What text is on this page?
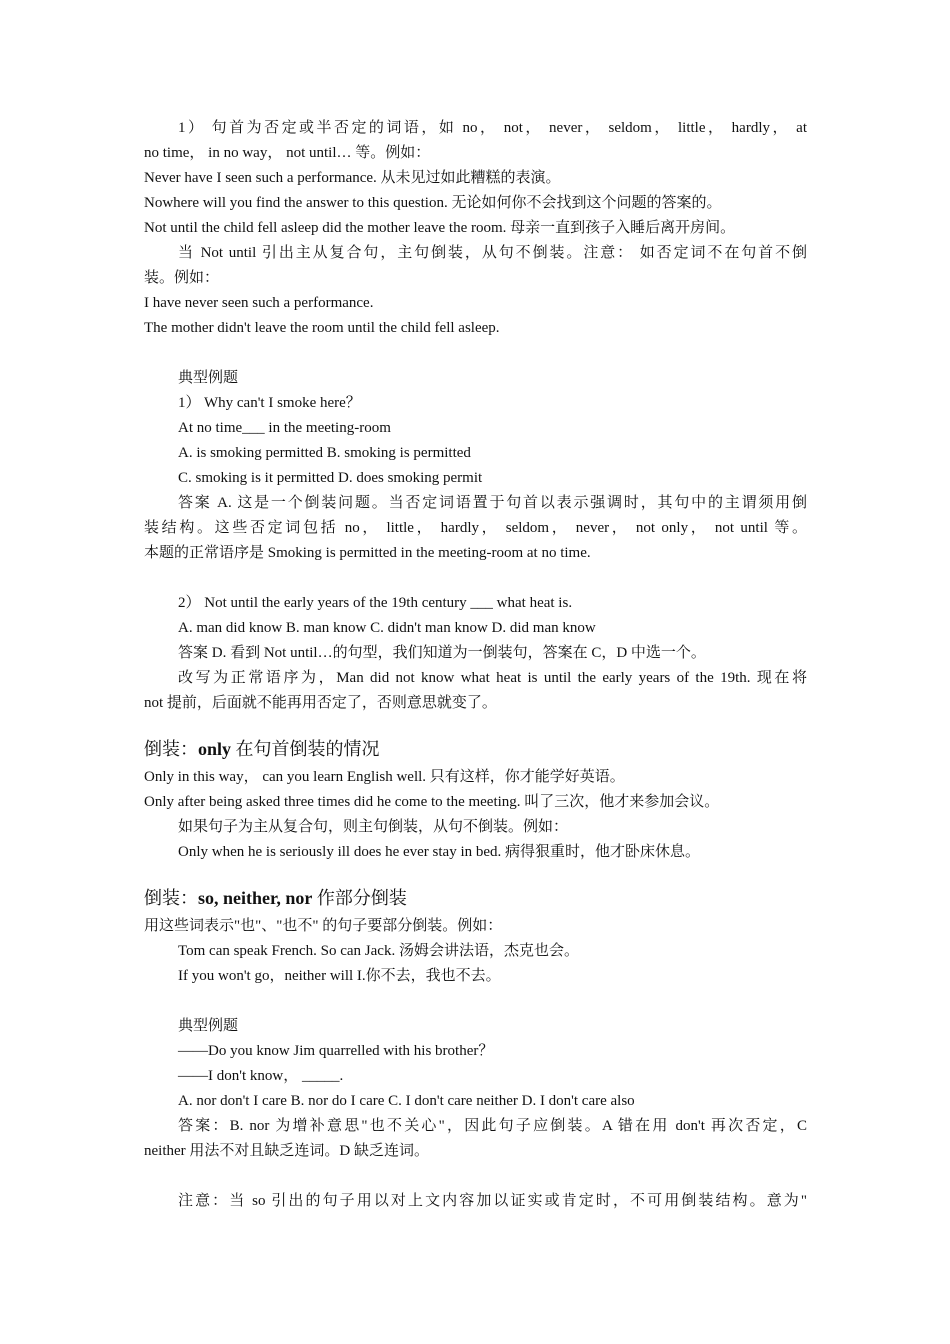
1） 句首为否定或半否定的词语，如 no， not， never， seldom， little， hardly， at
no time， in no way， not until… 等。例如：
Never have I seen such a performance. 从未见过如此糟糕的表演。
Nowhere will you find the answer to this question. 无论如何你不会找到这个问题的答案的。
Not until the child fell asleep did the mother leave the room. 母亲一直到孩子入睡后离开房间。
当 Not until 引出主从复合句，主句倒装，从句不倒装。注意： 如否定词不在句首不倒
装。例如：
I have never seen such a performance.
The mother didn't leave the room until the child fell asleep.
典型例题
1） Why can't I smoke here？
At no time___ in the meeting-room
A. is smoking permitted B. smoking is permitted
C. smoking is it permitted D. does smoking permit
答案 A. 这是一个倒装问题。当否定词语置于句首以表示强调时，其句中的主谓须用倒
装结构。这些否定词包括 no， little， hardly， seldom， never， not only， not until 等。
本题的正常语序是 Smoking is permitted in the meeting-room at no time.
2） Not until the early years of the 19th century ___ what heat is.
A. man did know B. man know C. didn't man know D. did man know
答案 D. 看到 Not until…的句型，我们知道为一倒装句，答案在 C，D 中选一个。
改写为正常语序为，Man did not know what heat is until the early years of the 19th. 现在将
not 提前，后面就不能再用否定了，否则意思就变了。
倒装：only 在句首倒装的情况
Only in this way， can you learn English well. 只有这样，你才能学好英语。
Only after being asked three times did he come to the meeting. 叫了三次，他才来参加会议。
如果句子为主从复合句，则主句倒装，从句不倒装。例如：
Only when he is seriously ill does he ever stay in bed. 病得狠重时，他才卧床休息。
倒装：so, neither, nor 作部分倒装
用这些词表示"也"、"也不" 的句子要部分倒装。例如：
Tom can speak French. So can Jack. 汤姆会讲法语，杰克也会。
If you won't go，neither will I.你不去，我也不去。
典型例题
——Do you know Jim quarrelled with his brother？
——I don't know， _____.
A. nor don't I care B. nor do I care C. I don't care neither D. I don't care also
答案：B. nor 为增补意思"也不关心"，因此句子应倒装。A 错在用 don't 再次否定，C
neither 用法不对且缺乏连词。D 缺乏连词。
注意：当 so 引出的句子用以对上文内容加以证实或肯定时，不可用倒装结构。意为"
